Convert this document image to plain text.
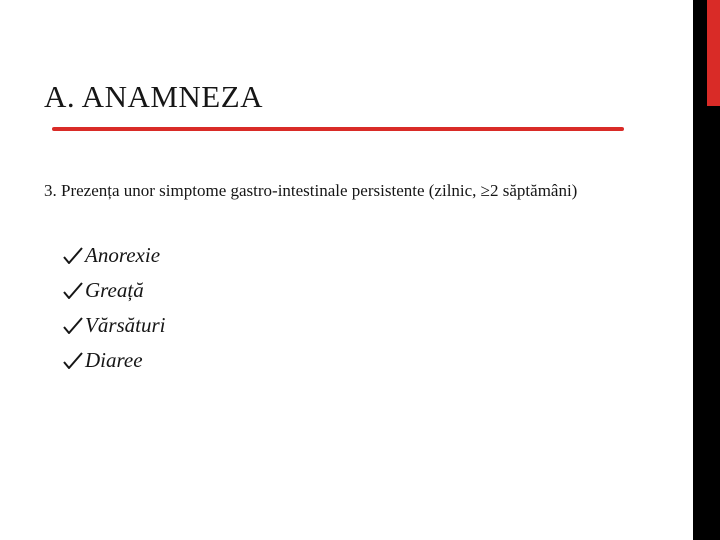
A. ANAMNEZA

3. Prezența unor simptome gastro-intestinale persistente (zilnic, ≥2 săptămâni)

Anorexie
Greață
Vărsături
Diaree
